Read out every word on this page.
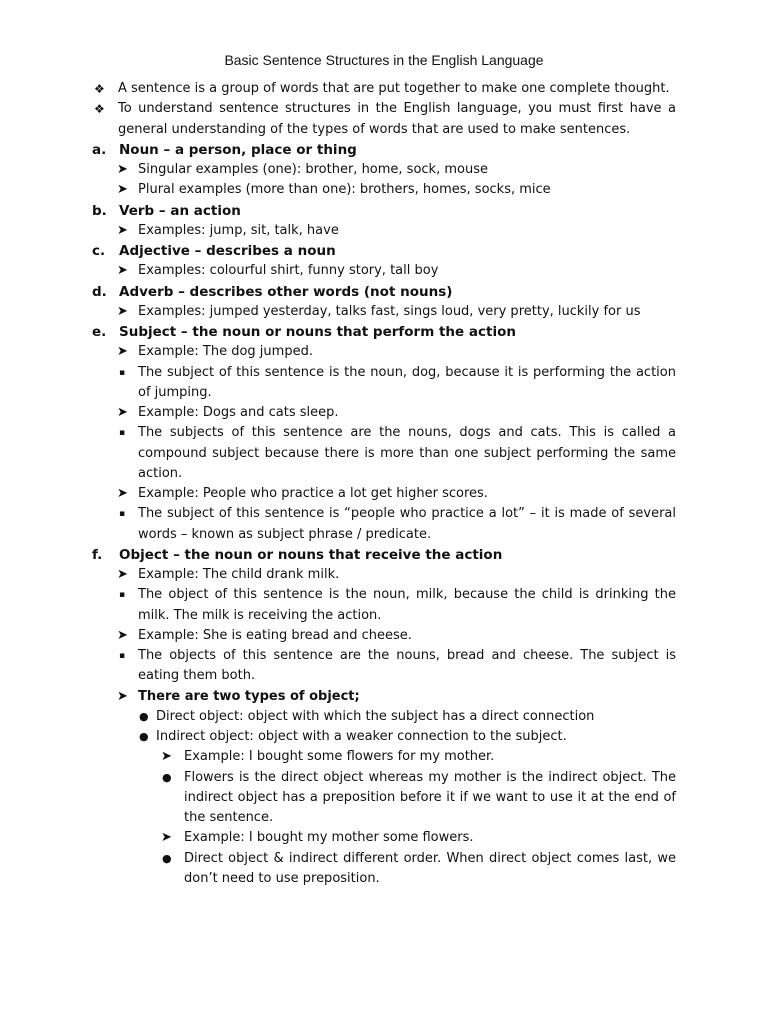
Basic Sentence Structures in the English Language
❖ A sentence is a group of words that are put together to make one complete thought.
❖ To understand sentence structures in the English language, you must first have a general understanding of the types of words that are used to make sentences.
a. Noun – a person, place or thing
➤ Singular examples (one): brother, home, sock, mouse
➤ Plural examples (more than one): brothers, homes, socks, mice
b. Verb – an action
➤ Examples: jump, sit, talk, have
c. Adjective – describes a noun
➤ Examples: colourful shirt, funny story, tall boy
d. Adverb – describes other words (not nouns)
➤ Examples: jumped yesterday, talks fast, sings loud, very pretty, luckily for us
e. Subject – the noun or nouns that perform the action
➤ Example: The dog jumped.
▪ The subject of this sentence is the noun, dog, because it is performing the action of jumping.
➤ Example: Dogs and cats sleep.
▪ The subjects of this sentence are the nouns, dogs and cats. This is called a compound subject because there is more than one subject performing the same action.
➤ Example: People who practice a lot get higher scores.
▪ The subject of this sentence is “people who practice a lot” – it is made of several words – known as subject phrase / predicate.
f. Object – the noun or nouns that receive the action
➤ Example: The child drank milk.
▪ The object of this sentence is the noun, milk, because the child is drinking the milk. The milk is receiving the action.
➤ Example: She is eating bread and cheese.
▪ The objects of this sentence are the nouns, bread and cheese. The subject is eating them both.
➤ There are two types of object;
● Direct object: object with which the subject has a direct connection
● Indirect object: object with a weaker connection to the subject.
➤ Example: I bought some flowers for my mother.
● Flowers is the direct object whereas my mother is the indirect object. The indirect object has a preposition before it if we want to use it at the end of the sentence.
➤ Example: I bought my mother some flowers.
● Direct object & indirect different order. When direct object comes last, we don’t need to use preposition.
